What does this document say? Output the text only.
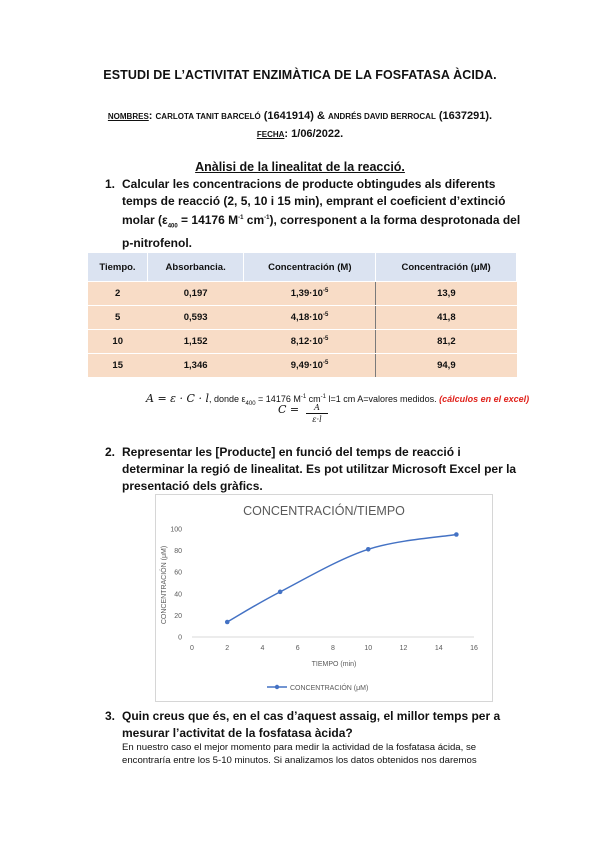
ESTUDI DE L’ACTIVITAT ENZIMÀTICA DE LA FOSFATASA ÀCIDA.
NOMBRES: CARLOTA TANIT BARCELÓ (1641914) & ANDRÉS DAVID BERROCAL (1637291).
FECHA: 1/06/2022.
Anàlisi de la linealitat de la reacció.
1. Calcular les concentracions de producte obtingudes als diferents temps de reacció (2, 5, 10 i 15 min), emprant el coeficient d’extinció molar ($\varepsilon_{400} = 14176$ $M^{-1}$ $cm^{-1}$), corresponent a la forma desprotonada del p-nitrofenol.
Tiempo.	Absorbancia.	Concentración (M)	Concentración (μM)
2	0,197	$1,39\cdot 10^{-5}$	13,9
5	0,593	$4,18\cdot 10^{-5}$	41,8
10	1,152	$8,12\cdot 10^{-5}$	81,2
15	1,346	$9,49\cdot 10^{-5}$	94,9
A = ε · C · l, donde $\varepsilon_{400} = 14176$ $M^{-1}$ $cm^{-1}$ l=1 cm A=valores medidos. (cálculos en el excel)
C =	A
ε·l
2. Representar les [Producte] en funció del temps de reacció i determinar la regió de linealitat. Es pot utilitzar Microsoft Excel per la presentació dels gràfics.
CONCENTRACIÓN/TIEMPO
CONCENTRACIÓN (μM)
TIEMPO (min)
CONCENTRACIÓN (μM)
0
20
40
60
80
100
0	2	4	6	8	10	12	14	16
3. Quin creus que és, en el cas d’aquest assaig, el millor temps per a mesurar l’activitat de la fosfatasa àcida?
En nuestro caso el mejor momento para medir la actividad de la fosfatasa ácida, se encontraría entre los 5-10 minutos. Si analizamos los datos obtenidos nos daremos
